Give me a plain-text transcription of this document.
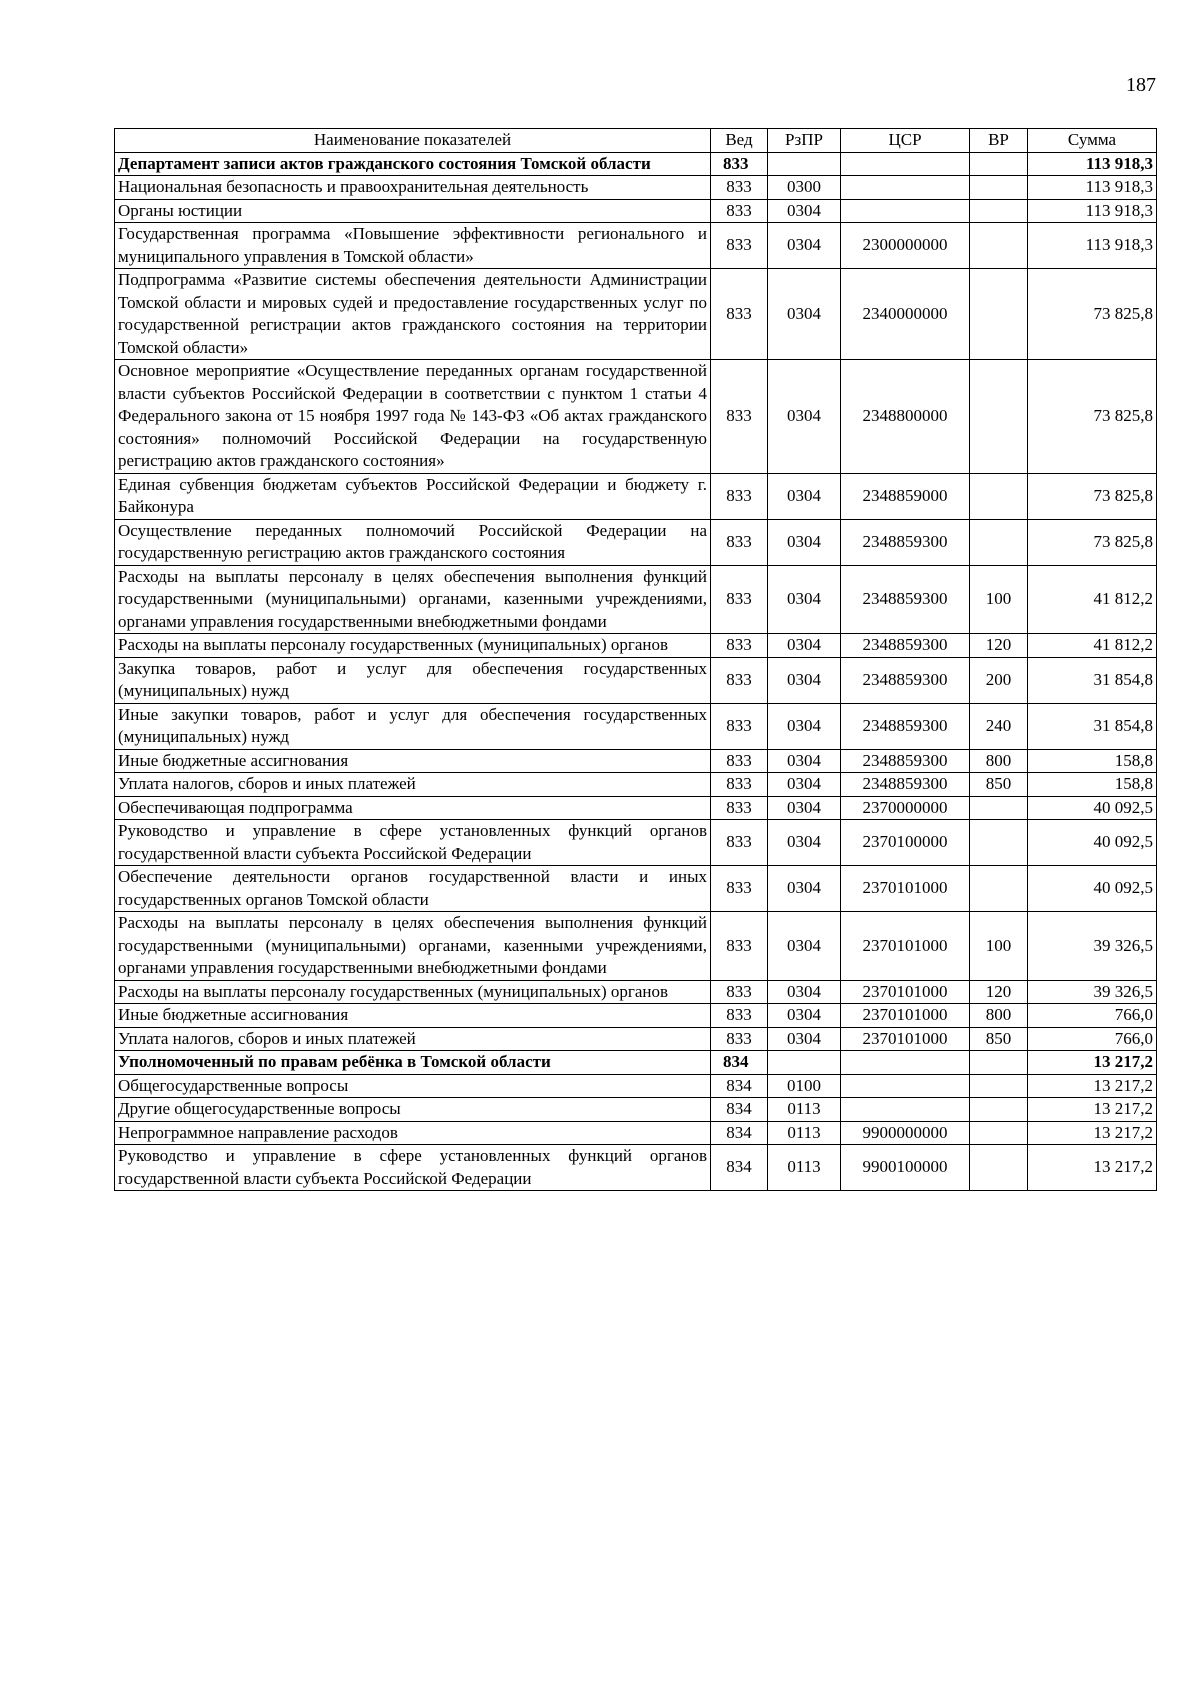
187
Наименование показателей	Вед	РзПР	ЦСР	ВР	Сумма
Департамент записи актов гражданского состояния Томской области	833				113 918,3
Национальная безопасность и правоохранительная деятельность	833	0300			113 918,3
Органы юстиции	833	0304			113 918,3
Государственная программа «Повышение эффективности регионального и муниципального управления в Томской области»	833	0304	2300000000		113 918,3
Подпрограмма «Развитие системы обеспечения деятельности Администрации Томской области и мировых судей и предоставление государственных услуг по государственной регистрации актов гражданского состояния на территории Томской области»	833	0304	2340000000		73 825,8
Основное мероприятие «Осуществление переданных органам государственной власти субъектов Российской Федерации в соответствии с пунктом 1 статьи 4 Федерального закона от 15 ноября 1997 года № 143-ФЗ «Об актах гражданского состояния» полномочий Российской Федерации на государственную регистрацию актов гражданского состояния»	833	0304	2348800000		73 825,8
Единая субвенция бюджетам субъектов Российской Федерации и бюджету г. Байконура	833	0304	2348859000		73 825,8
Осуществление переданных полномочий Российской Федерации на государственную регистрацию актов гражданского состояния	833	0304	2348859300		73 825,8
Расходы на выплаты персоналу в целях обеспечения выполнения функций государственными (муниципальными) органами, казенными учреждениями, органами управления государственными внебюджетными фондами	833	0304	2348859300	100	41 812,2
Расходы на выплаты персоналу государственных (муниципальных) органов	833	0304	2348859300	120	41 812,2
Закупка товаров, работ и услуг для обеспечения государственных (муниципальных) нужд	833	0304	2348859300	200	31 854,8
Иные закупки товаров, работ и услуг для обеспечения государственных (муниципальных) нужд	833	0304	2348859300	240	31 854,8
Иные бюджетные ассигнования	833	0304	2348859300	800	158,8
Уплата налогов, сборов и иных платежей	833	0304	2348859300	850	158,8
Обеспечивающая подпрограмма	833	0304	2370000000		40 092,5
Руководство и управление в сфере установленных функций органов государственной власти субъекта Российской Федерации	833	0304	2370100000		40 092,5
Обеспечение деятельности органов государственной власти и иных государственных органов Томской области	833	0304	2370101000		40 092,5
Расходы на выплаты персоналу в целях обеспечения выполнения функций государственными (муниципальными) органами, казенными учреждениями, органами управления государственными внебюджетными фондами	833	0304	2370101000	100	39 326,5
Расходы на выплаты персоналу государственных (муниципальных) органов	833	0304	2370101000	120	39 326,5
Иные бюджетные ассигнования	833	0304	2370101000	800	766,0
Уплата налогов, сборов и иных платежей	833	0304	2370101000	850	766,0
Уполномоченный по правам ребёнка в Томской области	834				13 217,2
Общегосударственные вопросы	834	0100			13 217,2
Другие общегосударственные вопросы	834	0113			13 217,2
Непрограммное направление расходов	834	0113	9900000000		13 217,2
Руководство и управление в сфере установленных функций органов государственной власти субъекта Российской Федерации	834	0113	9900100000		13 217,2
